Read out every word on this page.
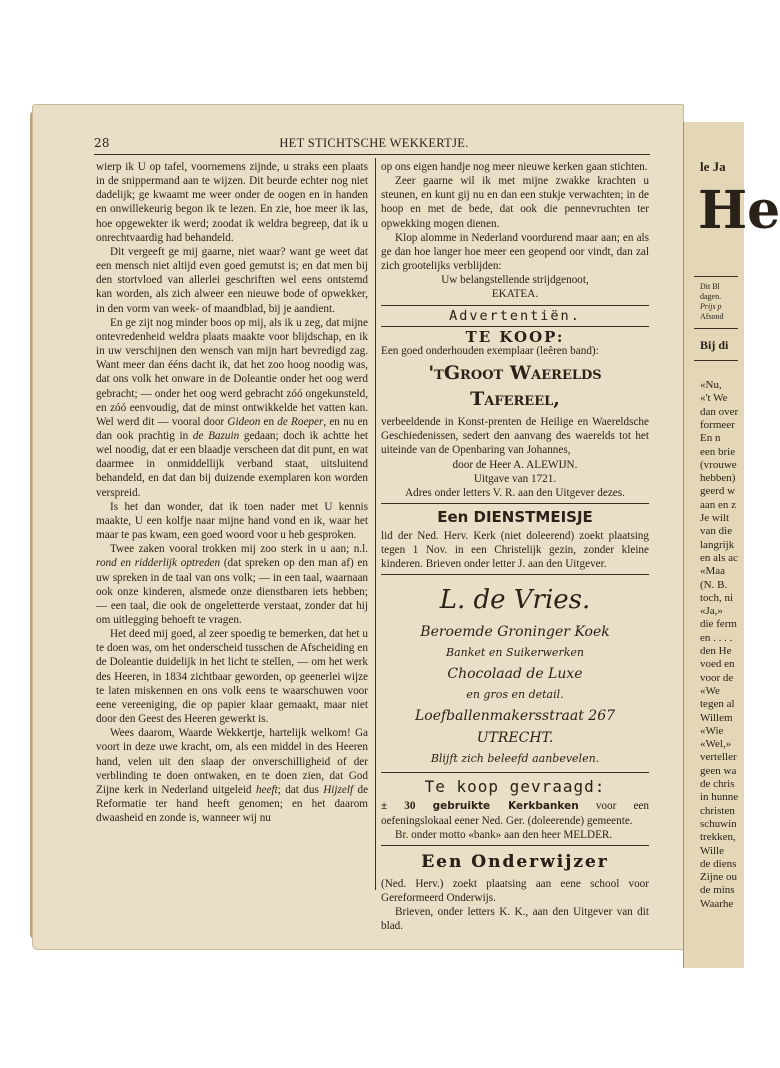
28	HET STICHTSCHE WEKKERTJE.

wierp ik U op tafel, voornemens zijnde, u straks een plaats in de snippermand aan te wijzen. Dit beurde echter nog niet dadelijk; ge kwaamt me weer onder de oogen en in handen en onwillekeurig begon ik te lezen. En zie, hoe meer ik las, hoe opgewekter ik werd; zoodat ik weldra begreep, dat ik u onrechtvaardig had behandeld.

Dit vergeeft ge mij gaarne, niet waar? want ge weet dat een mensch niet altijd even goed gemutst is; en dat men bij den stortvloed van allerlei geschriften wel eens ontstemd kan worden, als zich alweer een nieuwe bode of opwekker, in den vorm van week- of maandblad, bij je aandient.

En ge zijt nog minder boos op mij, als ik u zeg, dat mijne ontevredenheid weldra plaats maakte voor blijdschap, en ik in uw verschijnen den wensch van mijn hart bevredigd zag. Want meer dan ééns dacht ik, dat het zoo hoog noodig was, dat ons volk het onware in de Doleantie onder het oog werd gebracht; — onder het oog werd gebracht zóó ongekunsteld, en zóó eenvoudig, dat de minst ontwikkelde het vatten kan. Wel werd dit — vooral door Gideon en de Roeper, en nu en dan ook prachtig in de Bazuin gedaan; doch ik achtte het wel noodig, dat er een blaadje verscheen dat dit punt, en wat daarmee in onmiddellijk verband staat, uitsluitend behandeld, en dat dan bij duizende exemplaren kon worden verspreid.

Is het dan wonder, dat ik toen nader met U kennis maakte, U een kolfje naar mijne hand vond en ik, waar het maar te pas kwam, een goed woord voor u heb gesproken.

Twee zaken vooral trokken mij zoo sterk in u aan; n.l. rond en ridderlijk optreden (dat spreken op den man af) en uw spreken in de taal van ons volk; — in een taal, waarnaan ook onze kinderen, alsmede onze dienstbaren iets hebben; — een taal, die ook de ongeletterde verstaat, zonder dat hij om uitlegging behoeft te vragen.

Het deed mij goed, al zeer spoedig te bemerken, dat het u te doen was, om het onderscheid tusschen de Afscheiding en de Doleantie duidelijk in het licht te stellen, — om het werk des Heeren, in 1834 zichtbaar geworden, op geenerlei wijze te laten miskennen en ons volk eens te waarschuwen voor eene vereeniging, die op papier klaar gemaakt, maar niet door den Geest des Heeren gewerkt is.

Wees daarom, Waarde Wekkertje, hartelijk welkom! Ga voort in deze uwe kracht, om, als een middel in des Heeren hand, velen uit den slaap der onverschilligheid of der verblinding te doen ontwaken, en te doen zien, dat God Zijne kerk in Nederland uitgeleid heeft; dat dus Hijzelf de Reformatie ter hand heeft genomen; en het daarom dwaasheid en zonde is, wanneer wij nu

op ons eigen handje nog meer nieuwe kerken gaan stichten.

Zeer gaarne wil ik met mijne zwakke krachten u steunen, en kunt gij nu en dan een stukje verwachten; in de hoop en met de bede, dat ook die pennevruchten ter opwekking mogen dienen.

Klop alomme in Nederland voordurend maar aan; en als ge dan hoe langer hoe meer een geopend oor vindt, dan zal zich grootelijks verblijden:

Uw belangstellende strijdgenoot,

EKATEA.

Advertentiën.
TE KOOP:

Een goed onderhouden exemplaar (leêren band):

'tGroot Waerelds Tafereel,

verbeeldende in Konst-prenten de Heilige en Waereldsche Geschiedenissen, sedert den aanvang des waerelds tot het uiteinde van de Openbaring van Johannes,

door de Heer A. ALEWIJN.

Uitgave van 1721.

Adres onder letters V. R. aan den Uitgever dezes.

Een DIENSTMEISJE

lid der Ned. Herv. Kerk (niet doleerend) zoekt plaatsing tegen 1 Nov. in een Christelijk gezin, zonder kleine kinderen. Brieven onder letter J. aan den Uitgever.

L. de Vries.
Beroemde Groninger Koek
Banket en Suikerwerken
Chocolaad de Luxe
en gros en detail.
Loefballenmakersstraat 267
UTRECHT.
Blijft zich beleefd aanbevelen.
Te koop gevraagd:

± 30 gebruikte Kerkbanken voor een oefeningslokaal eener Ned. Ger. (doleerende) gemeente.

Br. onder motto «bank» aan den heer MELDER.

Een Onderwijzer

(Ned. Herv.) zoekt plaatsing aan eene school voor Gereformeerd Onderwijs.

Brieven, onder letters K. K., aan den Uitgever van dit blad.

le Ja
He
Dit Bl
dagen.
Prijs p
Afsond
Bij di
«Nu,
«'t We
dan over
formeer
En n
een brie
(vrouwe
hebben)
geerd w
aan en z
Je wilt
van die
langrijk
en als ac
«Maa
(N. B.
toch, ni
«Ja,»
die ferm
en . . . .
den He
voed en
voor de
«We
tegen al
Willem
«Wie
«Wel,»
verteller
geen wa
de chris
in hunne
christen
schuwin
trekken,
Wille
de diens
Zijne ou
de mins
Waarhe
